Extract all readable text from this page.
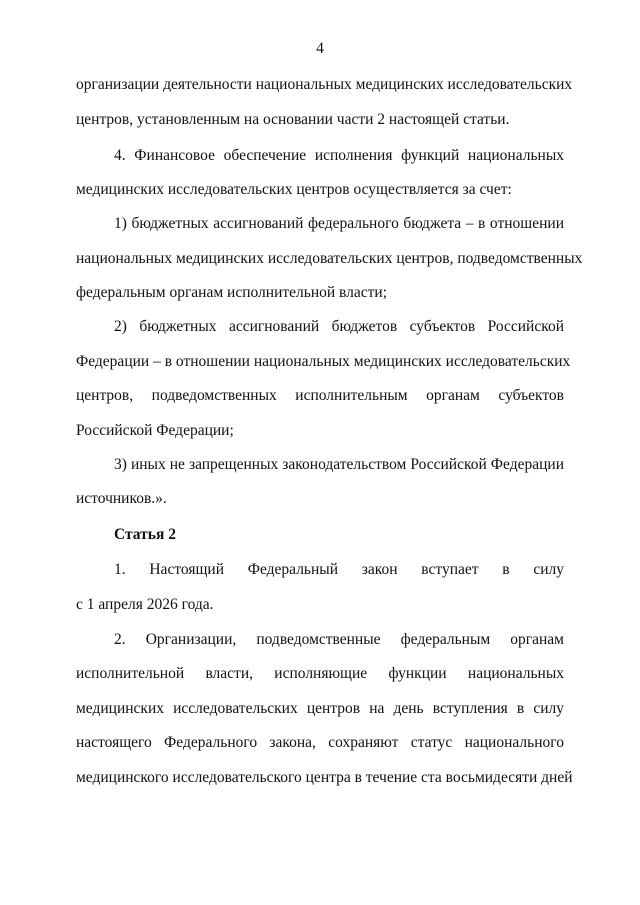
4
организации деятельности национальных медицинских исследовательских
центров, установленным на основании части 2 настоящей статьи.
4. Финансовое обеспечение исполнения функций национальных
медицинских исследовательских центров осуществляется за счет:
1) бюджетных ассигнований федерального бюджета – в отношении
национальных медицинских исследовательских центров, подведомственных
федеральным органам исполнительной власти;
2) бюджетных ассигнований бюджетов субъектов Российской
Федерации – в отношении национальных медицинских исследовательских
центров, подведомственных исполнительным органам субъектов
Российской Федерации;
3) иных не запрещенных законодательством Российской Федерации
источников.».
Статья 2
1. Настоящий Федеральный закон вступает в силу
с 1 апреля 2026 года.
2. Организации, подведомственные федеральным органам
исполнительной власти, исполняющие функции национальных
медицинских исследовательских центров на день вступления в силу
настоящего Федерального закона, сохраняют статус национального
медицинского исследовательского центра в течение ста восьмидесяти дней
